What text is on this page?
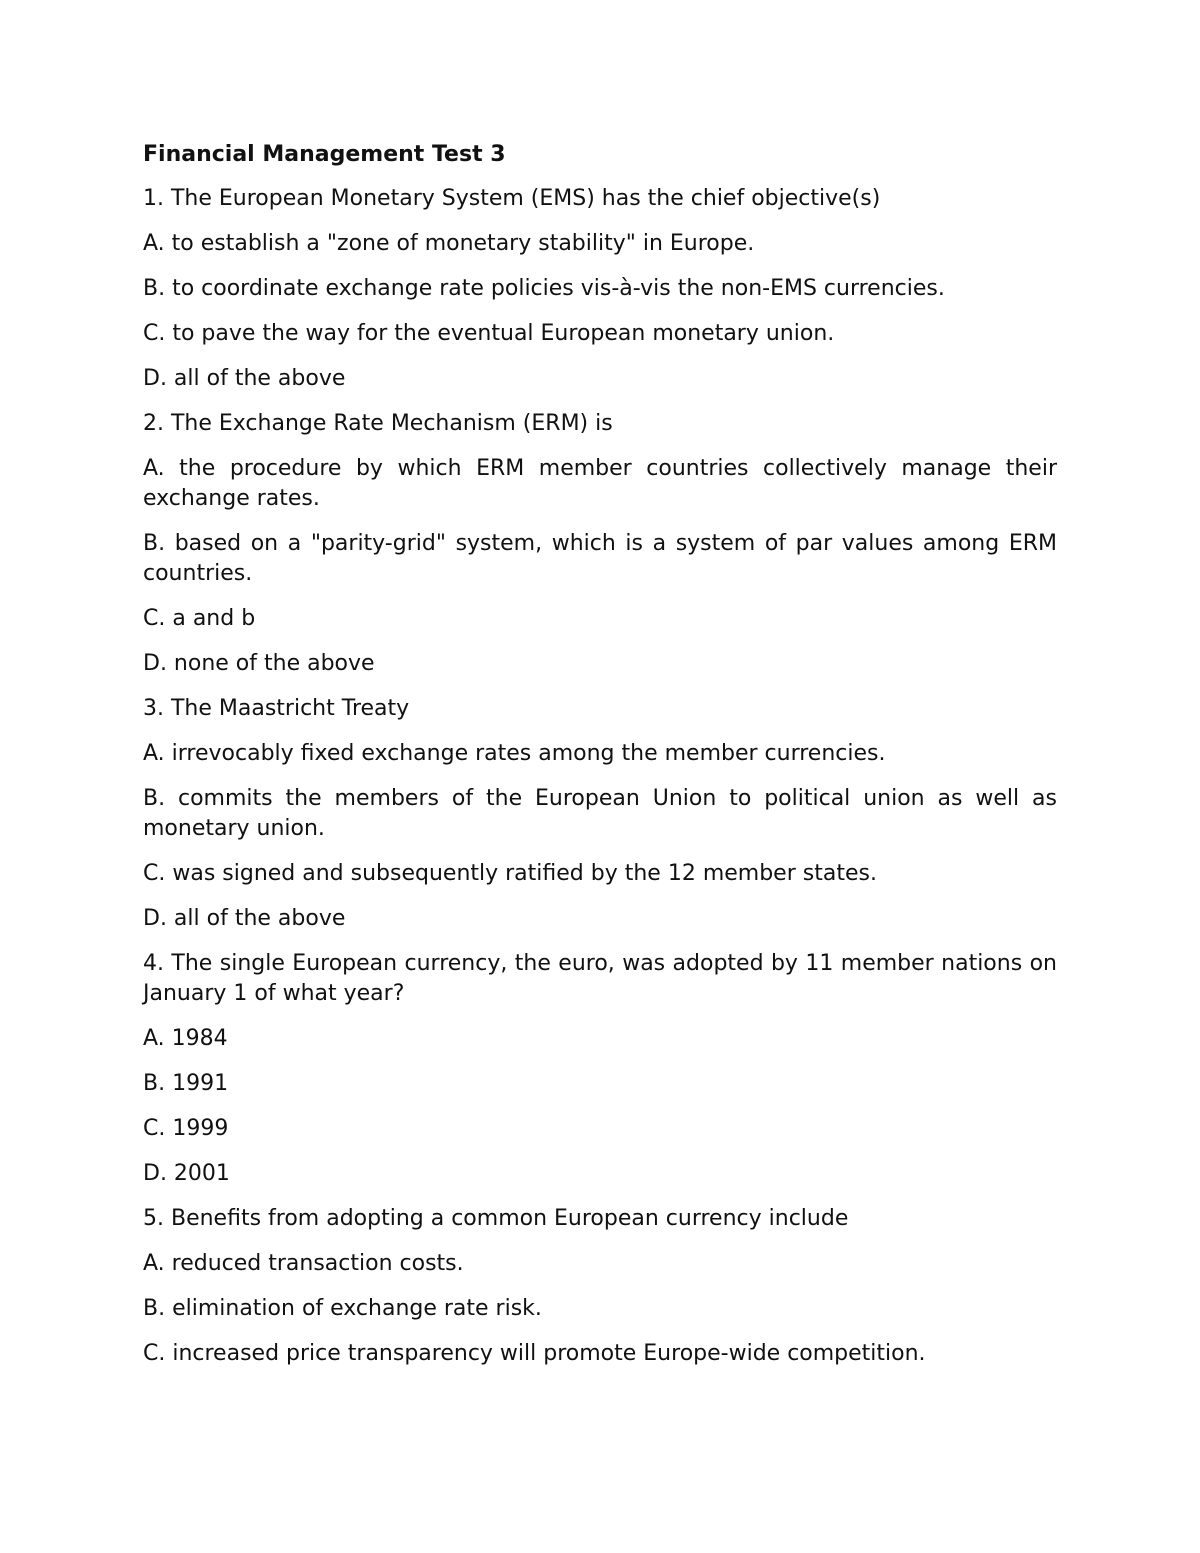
Financial Management Test 3
1. The European Monetary System (EMS) has the chief objective(s)
A. to establish a "zone of monetary stability" in Europe.
B. to coordinate exchange rate policies vis-à-vis the non-EMS currencies.
C. to pave the way for the eventual European monetary union.
D. all of the above
2. The Exchange Rate Mechanism (ERM) is
A. the procedure by which ERM member countries collectively manage their exchange rates.
B. based on a "parity-grid" system, which is a system of par values among ERM countries.
C. a and b
D. none of the above
3. The Maastricht Treaty
A. irrevocably fixed exchange rates among the member currencies.
B. commits the members of the European Union to political union as well as monetary union.
C. was signed and subsequently ratified by the 12 member states.
D. all of the above
4. The single European currency, the euro, was adopted by 11 member nations on January 1 of what year?
A. 1984
B. 1991
C. 1999
D. 2001
5. Benefits from adopting a common European currency include
A. reduced transaction costs.
B. elimination of exchange rate risk.
C. increased price transparency will promote Europe-wide competition.
